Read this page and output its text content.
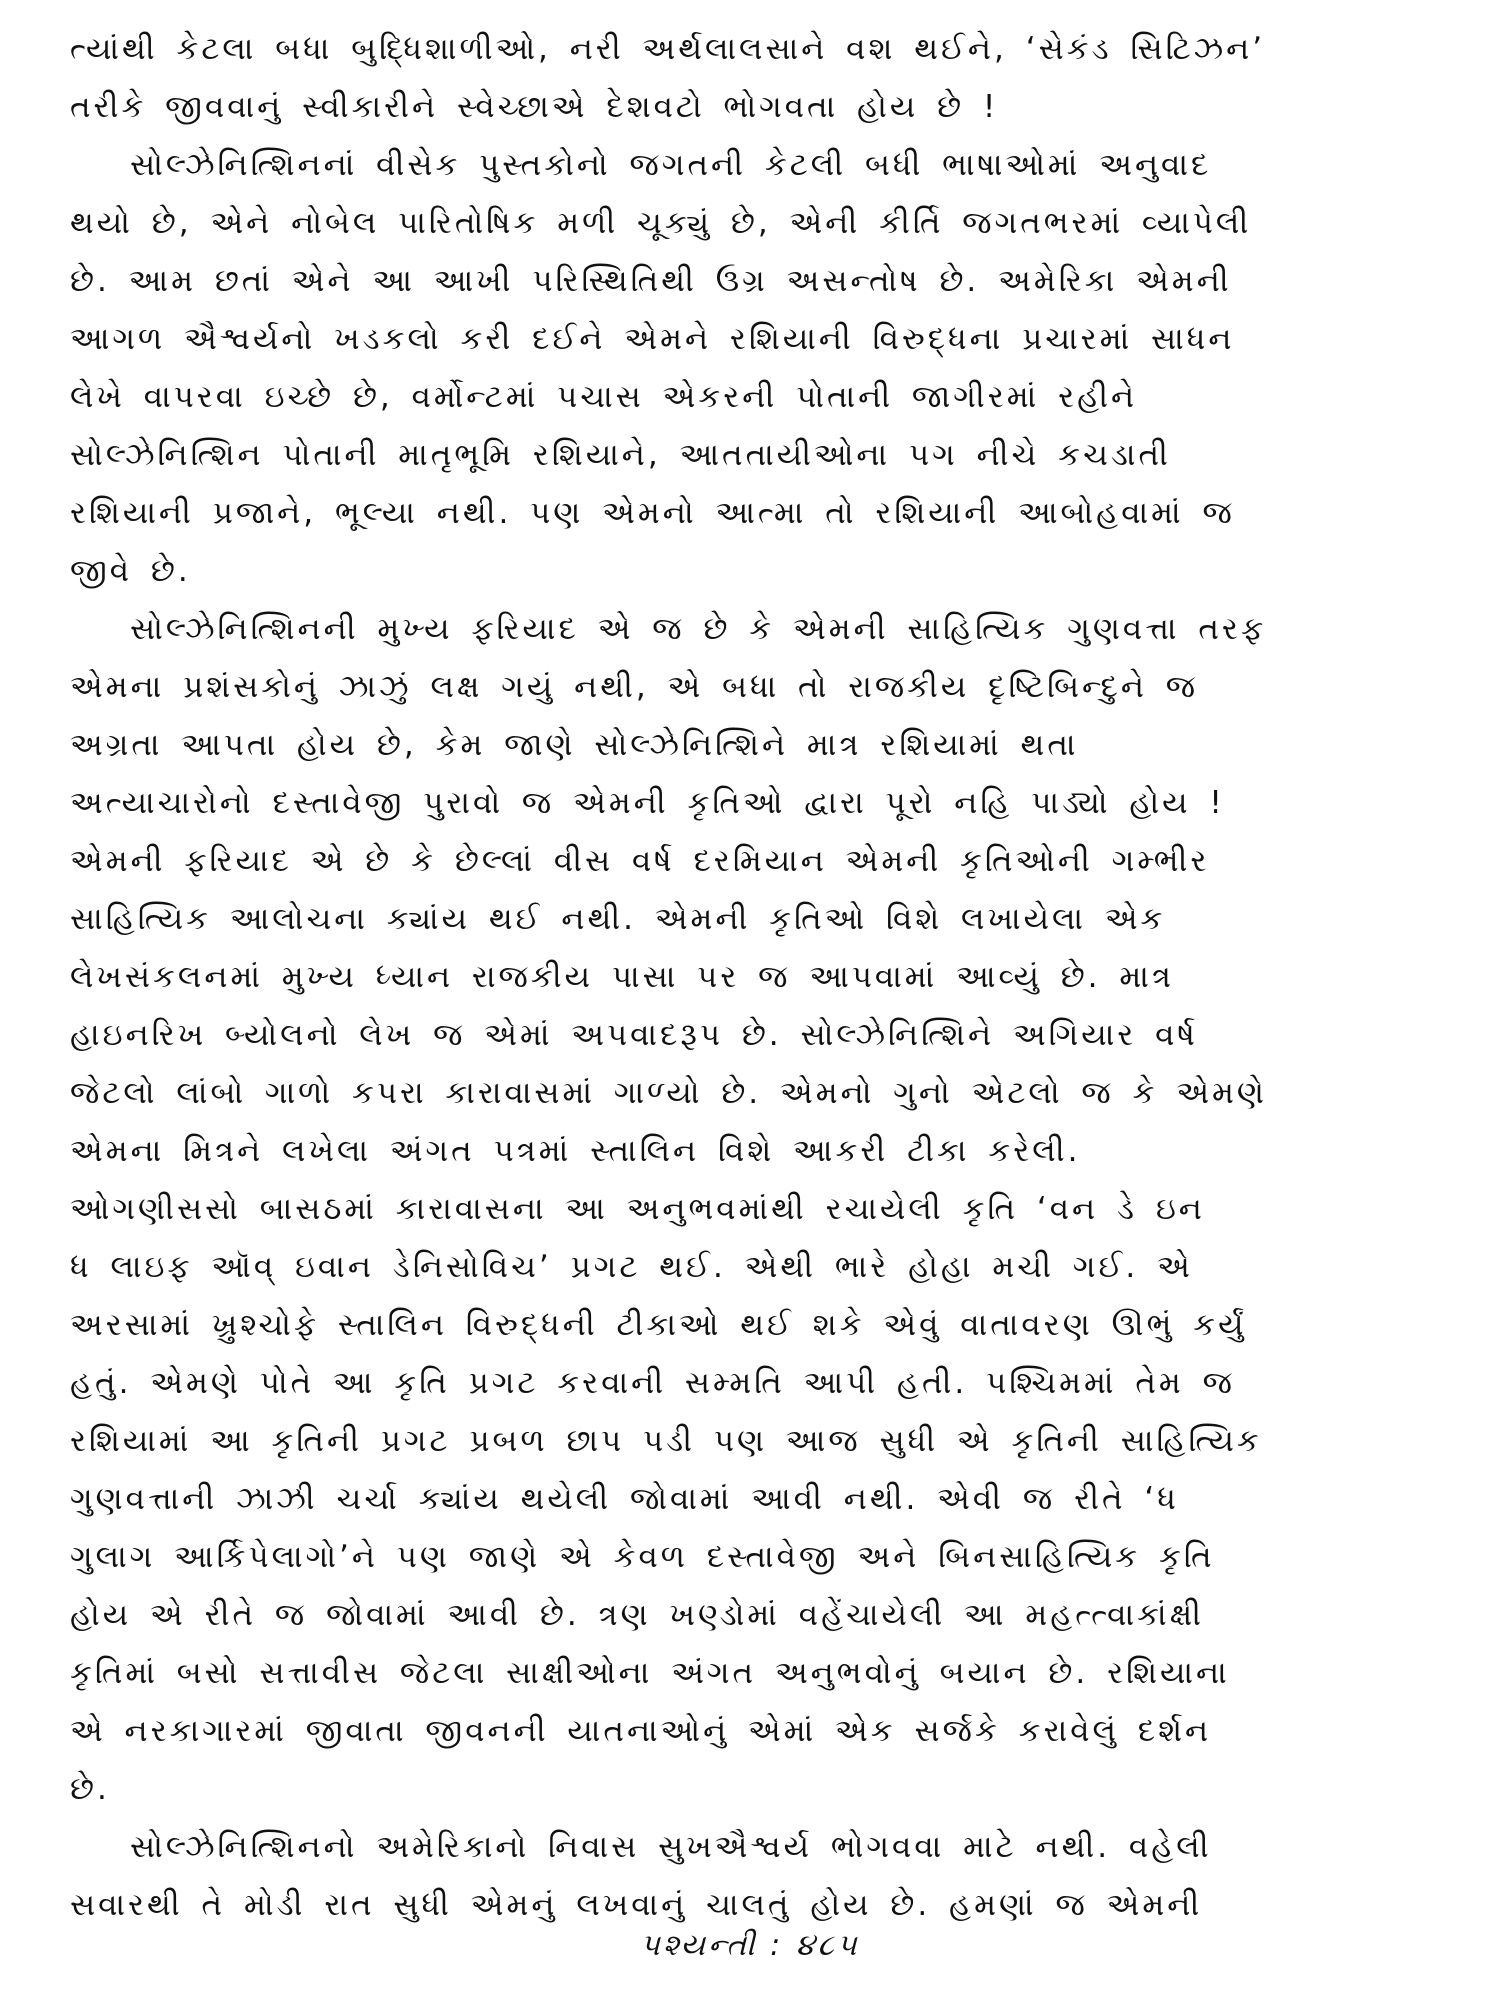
ત્યાંથી કેટલા બધા બુદ્ધિશાળીઓ, નરી અર્થલાલસાને વશ થઈને, ‘સેકંડ સિટિઝન’
તરીકે જીવવાનું સ્વીકારીને સ્વેચ્છાએ દેશવટો ભોગવતા હોય છે !
સોલ્ઝેનિત્શિનનાં વીસેક પુસ્તકોનો જગતની કેટલી બધી ભાષાઓમાં અનુવાદ
થયો છે, એને નોબેલ પારિતોષિક મળી ચૂક્યું છે, એની કીર્તિ જગતભરમાં વ્યાપેલી
છે. આમ છતાં એને આ આખી પરિસ્થિતિથી ઉગ્ર અસન્તોષ છે. અમેરિકા એમની
આગળ ઐશ્વર્યનો ખડકલો કરી દઈને એમને રશિયાની વિરુદ્ધના પ્રચારમાં સાધન
લેખે વાપરવા ઇચ્છે છે, વર્મોન્ટમાં પચાસ એકરની પોતાની જાગીરમાં રહીને
સોલ્ઝેનિત્શિન પોતાની માતૃભૂમિ રશિયાને, આતતાયીઓના પગ નીચે કચડાતી
રશિયાની પ્રજાને, ભૂલ્યા નથી. પણ એમનો આત્મા તો રશિયાની આબોહવામાં જ
જીવે છે.
સોલ્ઝેનિત્શિનની મુખ્ય ફરિયાદ એ જ છે કે એમની સાહિત્યિક ગુણવત્તા તરફ
એમના પ્રશંસકોનું ઝાઝું લક્ષ ગયું નથી, એ બધા તો રાજકીય દૃષ્ટિબિન્દુને જ
અગ્રતા આપતા હોય છે, કેમ જાણે સોલ્ઝેનિત્શિને માત્ર રશિયામાં થતા
અત્યાચારોનો દસ્તાવેજી પુરાવો જ એમની કૃતિઓ દ્વારા પૂરો નહિ પાડ્યો હોય !
એમની ફરિયાદ એ છે કે છેલ્લાં વીસ વર્ષ દરમિયાન એમની કૃતિઓની ગમ્ભીર
સાહિત્યિક આલોચના ક્યાંય થઈ નથી. એમની કૃતિઓ વિશે લખાયેલા એક
લેખસંકલનમાં મુખ્ય ધ્યાન રાજકીય પાસા પર જ આપવામાં આવ્યું છે. માત્ર
હાઇનરિખ બ્યોલનો લેખ જ એમાં અપવાદરૂપ છે. સોલ્ઝેનિત્શિને અગિયાર વર્ષ
જેટલો લાંબો ગાળો કપરા કારાવાસમાં ગાળ્યો છે. એમનો ગુનો એટલો જ કે એમણે
એમના મિત્રને લખેલા અંગત પત્રમાં સ્તાલિન વિશે આકરી ટીકા કરેલી.
ઓગણીસસો બાસઠમાં કારાવાસના આ અનુભવમાંથી રચાયેલી કૃતિ ‘વન ડે ઇન
ધ લાઇફ ઑવ્ ઇવાન ડેનિસોવિચ’ પ્રગટ થઈ. એથી ભારે હોહા મચી ગઈ. એ
અરસામાં ખ્રુશ્ચોફે સ્તાલિન વિરુદ્ધની ટીકાઓ થઈ શકે એવું વાતાવરણ ઊભું કર્યું
હતું. એમણે પોતે આ કૃતિ પ્રગટ કરવાની સમ્મતિ આપી હતી. પશ્ચિમમાં તેમ જ
રશિયામાં આ કૃતિની પ્રગટ પ્રબળ છાપ પડી પણ આજ સુધી એ કૃતિની સાહિત્યિક
ગુણવત્તાની ઝાઝી ચર્ચા ક્યાંય થયેલી જોવામાં આવી નથી. એવી જ રીતે ‘ધ
ગુલાગ આર્કિપેલાગો’ને પણ જાણે એ કેવળ દસ્તાવેજી અને બિનસાહિત્યિક કૃતિ
હોય એ રીતે જ જોવામાં આવી છે. ત્રણ ખણ્ડોમાં વહેંચાયેલી આ મહત્ત્વાકાંક્ષી
કૃતિમાં બસો સત્તાવીસ જેટલા સાક્ષીઓના અંગત અનુભવોનું બયાન છે. રશિયાના
એ નરકાગારમાં જીવાતા જીવનની યાતનાઓનું એમાં એક સર્જકે કરાવેલું દર્શન
છે.
સોલ્ઝેનિત્શિનનો અમેરિકાનો નિવાસ સુખઐશ્વર્ય ભોગવવા માટે નથી. વહેલી
સવારથી તે મોડી રાત સુધી એમનું લખવાનું ચાલતું હોય છે. હમણાં જ એમની
પશ્યન્તી : ૪૮૫
